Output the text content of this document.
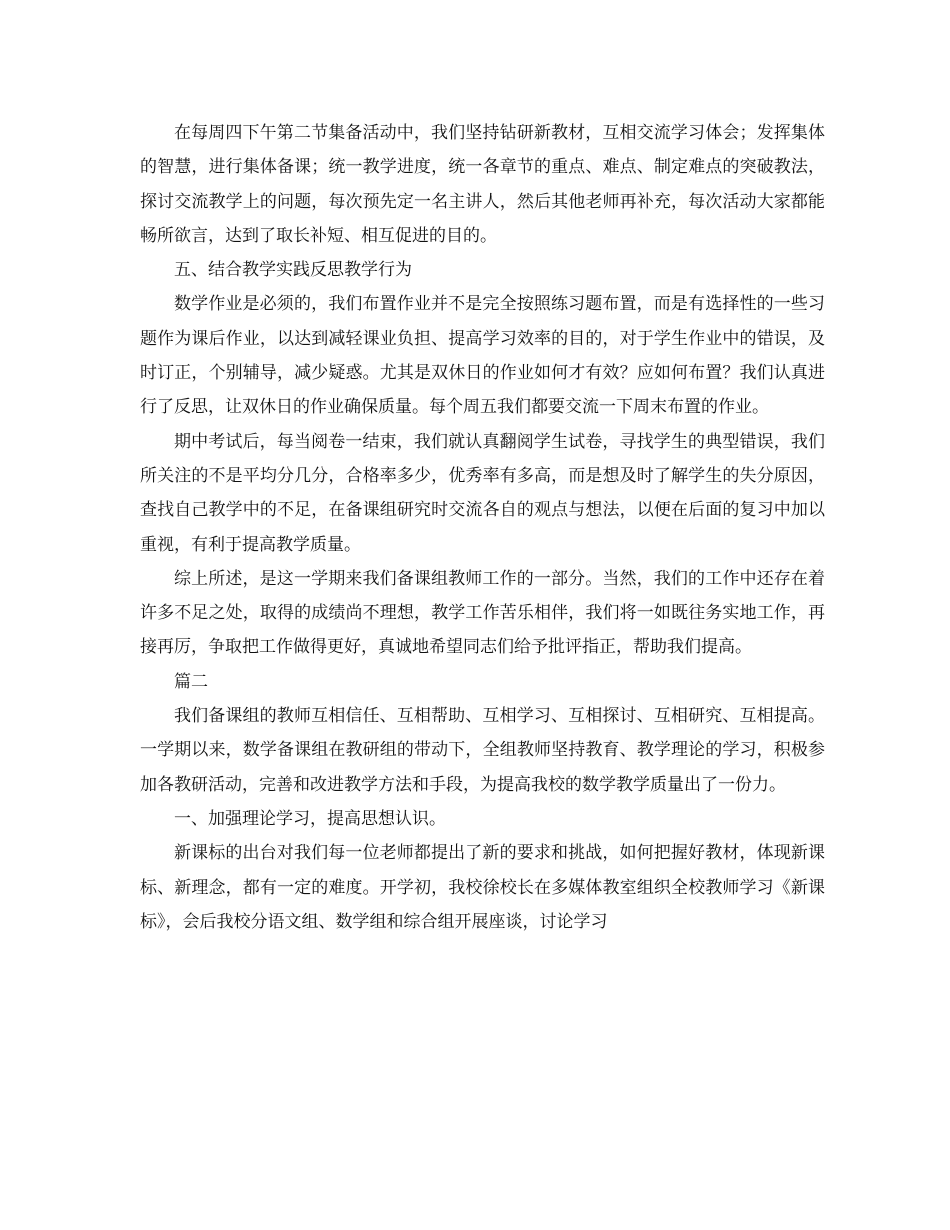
在每周四下午第二节集备活动中，我们坚持钻研新教材，互相交流学习体会；发挥集体的智慧，进行集体备课；统一教学进度，统一各章节的重点、难点、制定难点的突破教法，探讨交流教学上的问题，每次预先定一名主讲人，然后其他老师再补充，每次活动大家都能畅所欲言，达到了取长补短、相互促进的目的。

五、结合教学实践反思教学行为

数学作业是必须的，我们布置作业并不是完全按照练习题布置，而是有选择性的一些习题作为课后作业，以达到减轻课业负担、提高学习效率的目的，对于学生作业中的错误，及时订正，个别辅导，减少疑惑。尤其是双休日的作业如何才有效？应如何布置？我们认真进行了反思，让双休日的作业确保质量。每个周五我们都要交流一下周末布置的作业。

期中考试后，每当阅卷一结束，我们就认真翻阅学生试卷，寻找学生的典型错误，我们所关注的不是平均分几分，合格率多少，优秀率有多高，而是想及时了解学生的失分原因，查找自己教学中的不足，在备课组研究时交流各自的观点与想法，以便在后面的复习中加以重视，有利于提高教学质量。

综上所述，是这一学期来我们备课组教师工作的一部分。当然，我们的工作中还存在着许多不足之处，取得的成绩尚不理想，教学工作苦乐相伴，我们将一如既往务实地工作，再接再厉，争取把工作做得更好，真诚地希望同志们给予批评指正，帮助我们提高。

篇二

我们备课组的教师互相信任、互相帮助、互相学习、互相探讨、互相研究、互相提高。一学期以来，数学备课组在教研组的带动下，全组教师坚持教育、教学理论的学习，积极参加各教研活动，完善和改进教学方法和手段，为提高我校的数学教学质量出了一份力。

一、加强理论学习，提高思想认识。

新课标的出台对我们每一位老师都提出了新的要求和挑战，如何把握好教材，体现新课标、新理念，都有一定的难度。开学初，我校徐校长在多媒体教室组织全校教师学习《新课标》，会后我校分语文组、数学组和综合组开展座谈，讨论学习
